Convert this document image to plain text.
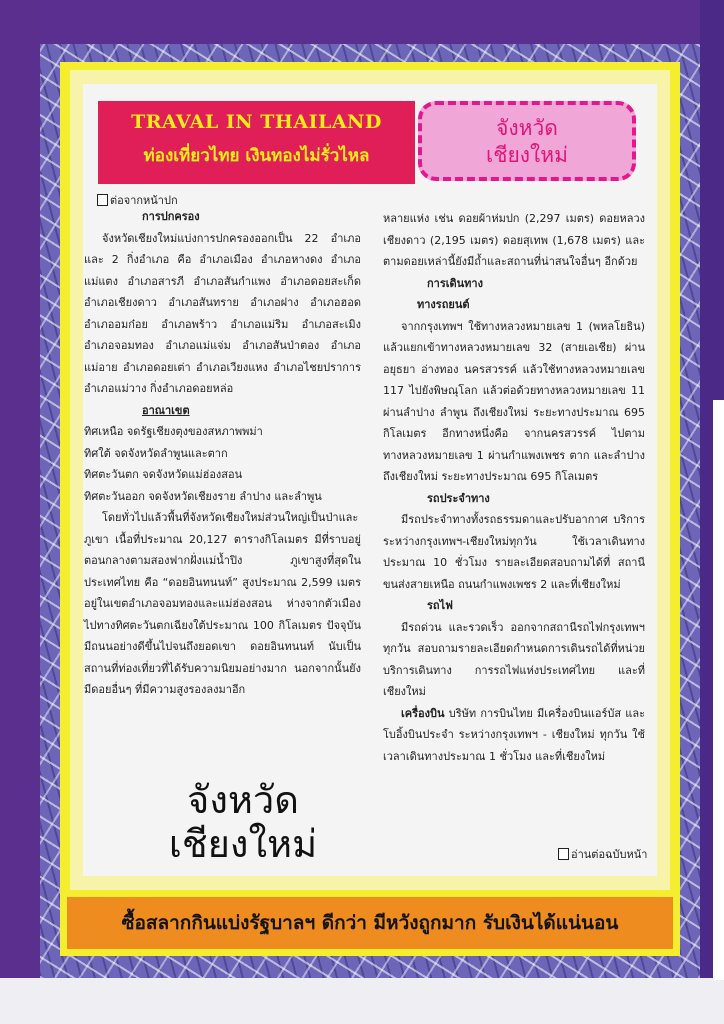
TRAVAL IN THAILAND
ท่องเที่ยวไทย เงินทองไม่รั่วไหล
จังหวัด
เชียงใหม่
ต่อจากหน้าปก

การปกครอง

จังหวัดเชียงใหม่แบ่งการปกครองออกเป็น 22 อำเภอ และ 2 กิ่งอำเภอ คือ อำเภอเมือง อำเภอหางดง อำเภอแม่แตง อำเภอสารภี อำเภอสันกำแพง อำเภอดอยสะเก็ด อำเภอเชียงดาว อำเภอสันทราย อำเภอฝาง อำเภอฮอด อำเภออมก๋อย อำเภอพร้าว อำเภอแม่ริม อำเภอสะเมิง อำเภอจอมทอง อำเภอแม่แจ่ม อำเภอสันป่าตอง อำเภอแม่อาย อำเภอดอยเต่า อำเภอเวียงแหง อำเภอไชยปราการ อำเภอแม่วาง กิ่งอำเภอดอยหล่อ

อาณาเขต

ทิศเหนือ จดรัฐเชียงตุงของสหภาพพม่า

ทิศใต้ จดจังหวัดลำพูนและตาก

ทิศตะวันตก จดจังหวัดแม่ฮ่องสอน

ทิศตะวันออก จดจังหวัดเชียงราย ลำปาง และลำพูน

โดยทั่วไปแล้วพื้นที่จังหวัดเชียงใหม่ส่วนใหญ่เป็นป่าและภูเขา เนื้อที่ประมาณ 20,127 ตารางกิโลเมตร มีที่ราบอยู่ตอนกลางตามสองฟากฝั่งแม่น้ำปิง ภูเขาสูงที่สุดในประเทศไทย คือ “ดอยอินทนนท์” สูงประมาณ 2,599 เมตร อยู่ในเขตอำเภอจอมทองและแม่ฮ่องสอน ห่างจากตัวเมืองไปทางทิศตะวันตกเฉียงใต้ประมาณ 100 กิโลเมตร ปัจจุบันมีถนนอย่างดีขึ้นไปจนถึงยอดเขา ดอยอินทนนท์ นับเป็นสถานที่ท่องเที่ยวที่ได้รับความนิยมอย่างมาก นอกจากนั้นยังมีดอยอื่นๆ ที่มีความสูงรองลงมาอีก

จังหวัด
เชียงใหม่

หลายแห่ง เช่น ดอยผ้าห่มปก (2,297 เมตร) ดอยหลวงเชียงดาว (2,195 เมตร) ดอยสุเทพ (1,678 เมตร) และตามดอยเหล่านี้ยังมีถ้ำและสถานที่น่าสนใจอื่นๆ อีกด้วย

การเดินทาง

ทางรถยนต์

จากกรุงเทพฯ ใช้ทางหลวงหมายเลข 1 (พหลโยธิน) แล้วแยกเข้าทางหลวงหมายเลข 32 (สายเอเชีย) ผ่านอยุธยา อ่างทอง นครสวรรค์ แล้วใช้ทางหลวงหมายเลข 117 ไปยังพิษณุโลก แล้วต่อด้วยทางหลวงหมายเลข 11 ผ่านลำปาง ลำพูน ถึงเชียงใหม่ ระยะทางประมาณ 695 กิโลเมตร อีกทางหนึ่งคือ จากนครสวรรค์ ไปตามทางหลวงหมายเลข 1 ผ่านกำแพงเพชร ตาก และลำปาง ถึงเชียงใหม่ ระยะทางประมาณ 695 กิโลเมตร

รถประจำทาง

มีรถประจำทางทั้งรถธรรมดาและปรับอากาศ บริการระหว่างกรุงเทพฯ-เชียงใหม่ทุกวัน ใช้เวลาเดินทางประมาณ 10 ชั่วโมง รายละเอียดสอบถามได้ที่ สถานีขนส่งสายเหนือ ถนนกำแพงเพชร 2 และที่เชียงใหม่

รถไฟ

มีรถด่วน และรวดเร็ว ออกจากสถานีรถไฟกรุงเทพฯ ทุกวัน สอบถามรายละเอียดกำหนดการเดินรถได้ที่หน่วยบริการเดินทาง การรถไฟแห่งประเทศไทย และที่เชียงใหม่

เครื่องบิน บริษัท การบินไทย มีเครื่องบินแอร์บัส และโบอิ้งบินประจำ ระหว่างกรุงเทพฯ - เชียงใหม่ ทุกวัน ใช้เวลาเดินทางประมาณ 1 ชั่วโมง และที่เชียงใหม่

อ่านต่อฉบับหน้า
ซื้อสลากกินแบ่งรัฐบาลฯ ดีกว่า มีหวังถูกมาก รับเงินได้แน่นอน
